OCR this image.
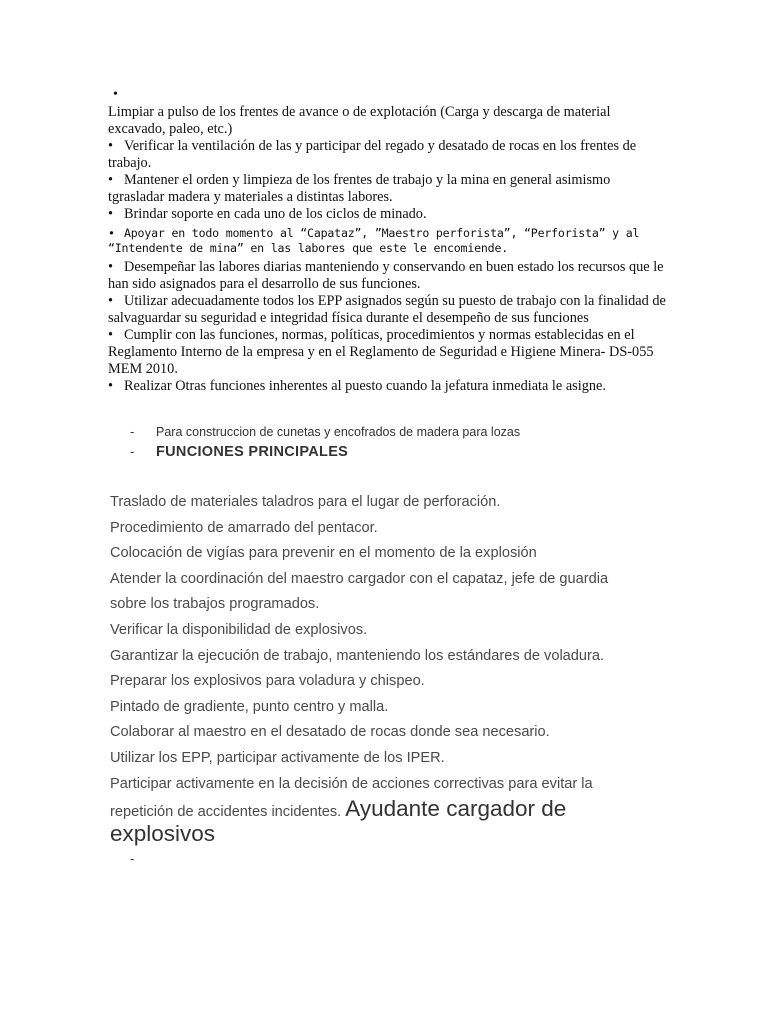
•

Limpiar a pulso de los frentes de avance o de explotación (Carga y descarga de material excavado, paleo, etc.)

• Verificar la ventilación de las y participar del regado y desatado de rocas en los frentes de trabajo.

• Mantener el orden y limpieza de los frentes de trabajo y la mina en general asimismo tgrasladar madera y materiales a distintas labores.

• Brindar soporte en cada uno de los ciclos de minado.

• Apoyar en todo momento al “Capataz”, ”Maestro perforista”, “Perforista” y al “Intendente de mina” en las labores que este le encomiende.

• Desempeñar las labores diarias manteniendo y conservando en buen estado los recursos que le han sido asignados para el desarrollo de sus funciones.

• Utilizar adecuadamente todos los EPP asignados según su puesto de trabajo con la finalidad de salvaguardar su seguridad e integridad física durante el desempeño de sus funciones

• Cumplir con las funciones, normas, políticas, procedimientos y normas establecidas en el Reglamento Interno de la empresa y en el Reglamento de Seguridad e Higiene Minera- DS-055 MEM 2010.

• Realizar Otras funciones inherentes al puesto cuando la jefatura inmediata le asigne.

- Para construccion de cunetas y encofrados de madera para lozas
- FUNCIONES PRINCIPALES

Traslado de materiales taladros para el lugar de perforación.

Procedimiento de amarrado del pentacor.

Colocación de vigías para prevenir en el momento de la explosión

Atender la coordinación del maestro cargador con el capataz, jefe de guardia

sobre los trabajos programados.

Verificar la disponibilidad de explosivos.

Garantizar la ejecución de trabajo, manteniendo los estándares de voladura.

Preparar los explosivos para voladura y chispeo.

Pintado de gradiente, punto centro y malla.

Colaborar al maestro en el desatado de rocas donde sea necesario.

Utilizar los EPP, participar activamente de los IPER.

Participar activamente en la decisión de acciones correctivas para evitar la

repetición de accidentes incidentes. Ayudante cargador de

explosivos

-
